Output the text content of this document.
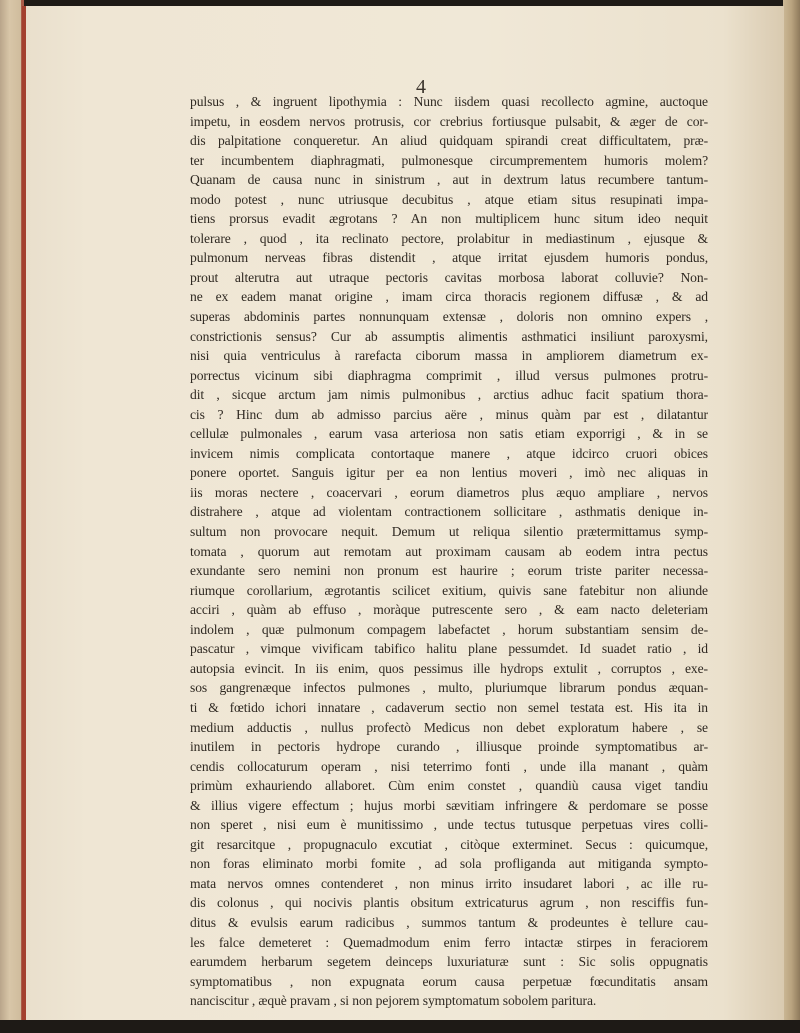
4
pulsus , & ingruent lipothymia : Nunc iisdem quasi recollecto agmine, auctoque
impetu, in eosdem nervos protrusis, cor crebrius fortiusque pulsabit, & æger de cor-
dis palpitatione conqueretur. An aliud quidquam spirandi creat difficultatem, præ-
ter incumbentem diaphragmati, pulmonesque circumprementem humoris molem?
Quanam de causa nunc in sinistrum , aut in dextrum latus recumbere tantum-
modo potest , nunc utriusque decubitus , atque etiam situs resupinati impa-
tiens prorsus evadit ægrotans ? An non multiplicem hunc situm ideo nequit
tolerare , quod , ita reclinato pectore, prolabitur in mediastinum , ejusque &
pulmonum nerveas fibras distendit , atque irritat ejusdem humoris pondus,
prout alterutra aut utraque pectoris cavitas morbosa laborat colluvie? Non-
ne ex eadem manat origine , imam circa thoracis regionem diffusæ , & ad
superas abdominis partes nonnunquam extensæ , doloris non omnino expers ,
constrictionis sensus? Cur ab assumptis alimentis asthmatici insiliunt paroxysmi,
nisi quia ventriculus à rarefacta ciborum massa in ampliorem diametrum ex-
porrectus vicinum sibi diaphragma comprimit , illud versus pulmones protru-
dit , sicque arctum jam nimis pulmonibus , arctius adhuc facit spatium thora-
cis ? Hinc dum ab admisso parcius aëre , minus quàm par est , dilatantur
cellulæ pulmonales , earum vasa arteriosa non satis etiam exporrigi , & in se
invicem nimis complicata contortaque manere , atque idcirco cruori obices
ponere oportet. Sanguis igitur per ea non lentius moveri , imò nec aliquas in
iis moras nectere , coacervari , eorum diametros plus æquo ampliare , nervos
distrahere , atque ad violentam contractionem sollicitare , asthmatis denique in-
sultum non provocare nequit. Demum ut reliqua silentio prætermittamus symp-
tomata , quorum aut remotam aut proximam causam ab eodem intra pectus
exundante sero nemini non pronum est haurire ; eorum triste pariter necessa-
riumque corollarium, ægrotantis scilicet exitium, quivis sane fatebitur non aliunde
acciri , quàm ab effuso , moràque putrescente sero , & eam nacto deleteriam
indolem , quæ pulmonum compagem labefactet , horum substantiam sensim de-
pascatur , vimque vivificam tabifico halitu plane pessumdet. Id suadet ratio , id
autopsia evincit. In iis enim, quos pessimus ille hydrops extulit , corruptos , exe-
sos gangrenæque infectos pulmones , multo, pluriumque librarum pondus æquan-
ti & fœtido ichori innatare , cadaverum sectio non semel testata est. His ita in
medium adductis , nullus profectò Medicus non debet exploratum habere , se
inutilem in pectoris hydrope curando , illiusque proinde symptomatibus ar-
cendis collocaturum operam , nisi teterrimo fonti , unde illa manant , quàm
primùm exhauriendo allaboret. Cùm enim constet , quandiù causa viget tandiu
& illius vigere effectum ; hujus morbi sævitiam infringere & perdomare se posse
non speret , nisi eum è munitissimo , unde tectus tutusque perpetuas vires colli-
git resarcitque , propugnaculo excutiat , citòque exterminet. Secus : quicumque,
non foras eliminato morbi fomite , ad sola profliganda aut mitiganda sympto-
mata nervos omnes contenderet , non minus irrito insudaret labori , ac ille ru-
dis colonus , qui nocivis plantis obsitum extricaturus agrum , non resciffis fun-
ditus & evulsis earum radicibus , summos tantum & prodeuntes è tellure cau-
les falce demeteret : Quemadmodum enim ferro intactæ stirpes in feraciorem
earumdem herbarum segetem deinceps luxuriaturæ sunt : Sic solis oppugnatis
symptomatibus , non expugnata eorum causa perpetuæ fœcunditatis ansam
nanciscitur , æquè pravam , si non pejorem symptomatum sobolem paritura.
